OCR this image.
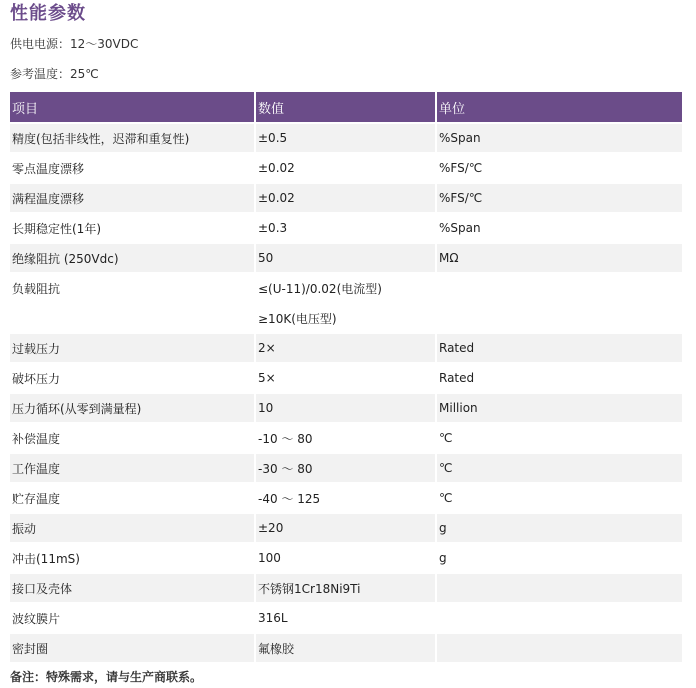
性能参数
供电电源：12～30VDC
参考温度：25℃
项目	数值	单位
精度(包括非线性，迟滞和重复性)	±0.5	%Span
零点温度漂移	±0.02	%FS/℃
满程温度漂移	±0.02	%FS/℃
长期稳定性(1年)	±0.3	%Span
绝缘阻抗 (250Vdc)	50	MΩ
负载阻抗	≤(U-11)/0.02(电流型)	
	≥10K(电压型)	
过载压力	2×	Rated
破坏压力	5×	Rated
压力循环(从零到满量程)	10	Million
补偿温度	-10 ～ 80	℃
工作温度	-30 ～ 80	℃
贮存温度	-40 ～ 125	℃
振动	±20	g
冲击(11mS)	100	g
接口及壳体	不锈钢1Cr18Ni9Ti	
波纹膜片	316L	
密封圈	氟橡胶	
备注：特殊需求，请与生产商联系。
